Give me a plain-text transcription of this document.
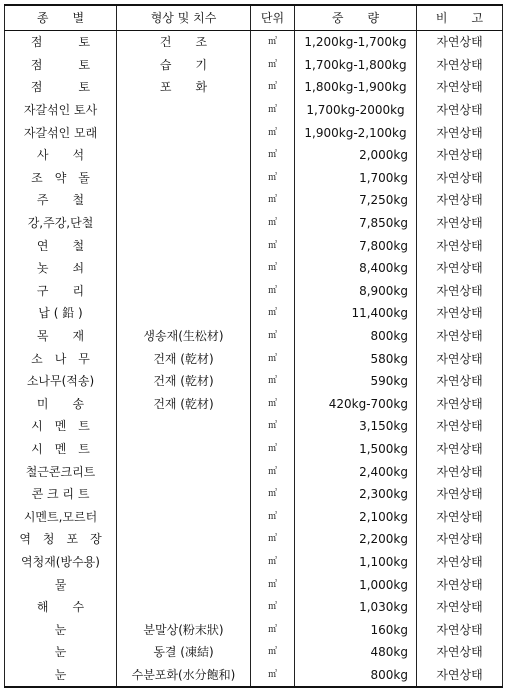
종　　별	형상 및 치수	단위	중　　량	비　　고
점　　　토	건　　조	㎥	1,200kg-1,700kg	자연상태
점　　　토	습　　기	㎥	1,700kg-1,800kg	자연상태
점　　　토	포　　화	㎥	1,800kg-1,900kg	자연상태
자갈섞인 토사		㎥	1,700kg-2000kg	자연상태
자갈섞인 모래		㎥	1,900kg-2,100kg	자연상태
사　　석		㎥	2,000kg	자연상태
조　약　돌		㎥	1,700kg	자연상태
주　　철		㎥	7,250kg	자연상태
강,주강,단철		㎥	7,850kg	자연상태
연　　철		㎥	7,800kg	자연상태
놋　　쇠		㎥	8,400kg	자연상태
구　　리		㎥	8,900kg	자연상태
납 ( 鉛 )		㎥	11,400kg	자연상태
목　　재	생송재(生松材)	㎥	800kg	자연상태
소　나　무	건재 (乾材)	㎥	580kg	자연상태
소나무(적송)	건재 (乾材)	㎥	590kg	자연상태
미　　송	건재 (乾材)	㎥	420kg-700kg	자연상태
시　멘　트		㎥	3,150kg	자연상태
시　멘　트		㎥	1,500kg	자연상태
철근콘크리트		㎥	2,400kg	자연상태
콘 크 리 트		㎥	2,300kg	자연상태
시멘트,모르터		㎥	2,100kg	자연상태
역　청　포　장		㎥	2,200kg	자연상태
역청재(방수용)		㎥	1,100kg	자연상태
물		㎥	1,000kg	자연상태
해　　수		㎥	1,030kg	자연상태
눈	분말상(粉末狀)	㎥	160kg	자연상태
눈	동결 (凍結)	㎥	480kg	자연상태
눈	수분포화(水分飽和)	㎥	800kg	자연상태
